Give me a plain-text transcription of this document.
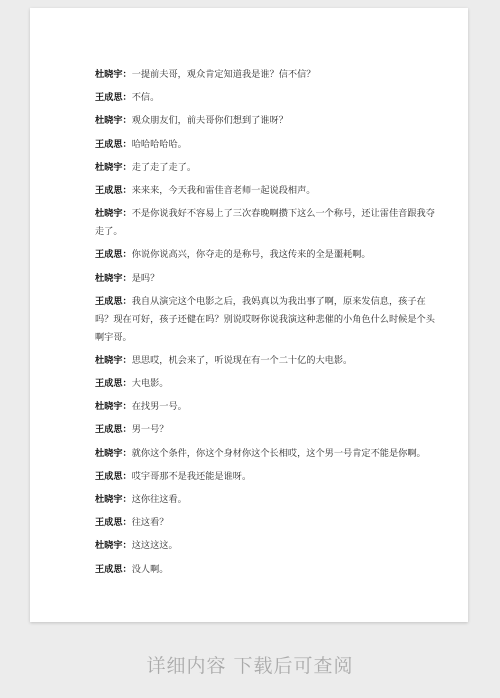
杜晓宇：一提前夫哥，观众肯定知道我是谁？信不信？

王成思：不信。

杜晓宇：观众朋友们，前夫哥你们想到了谁呀？

王成思：哈哈哈哈哈。

杜晓宇：走了走了走了。

王成思：来来来，今天我和雷佳音老师一起说段相声。

杜晓宇：不是你说我好不容易上了三次春晚啊攒下这么一个称号，还让雷佳音跟我夺走了。

王成思：你说你说高兴，你夺走的是称号，我这传来的全是噩耗啊。

杜晓宇：是吗？

王成思：我自从演完这个电影之后，我妈真以为我出事了啊，原来发信息，孩子在吗？现在可好，孩子还健在吗？别说哎呀你说我演这种悲催的小角色什么时候是个头啊宇哥。

杜晓宇：思思哎，机会来了，听说现在有一个二十亿的大电影。

王成思：大电影。

杜晓宇：在找男一号。

王成思：男一号？

杜晓宇：就你这个条件，你这个身材你这个长相哎，这个男一号肯定不能是你啊。

王成思：哎宇哥那不是我还能是谁呀。

杜晓宇：这你往这看。

王成思：往这看？

杜晓宇：这这这这。

王成思：没人啊。

详细内容 下载后可查阅
